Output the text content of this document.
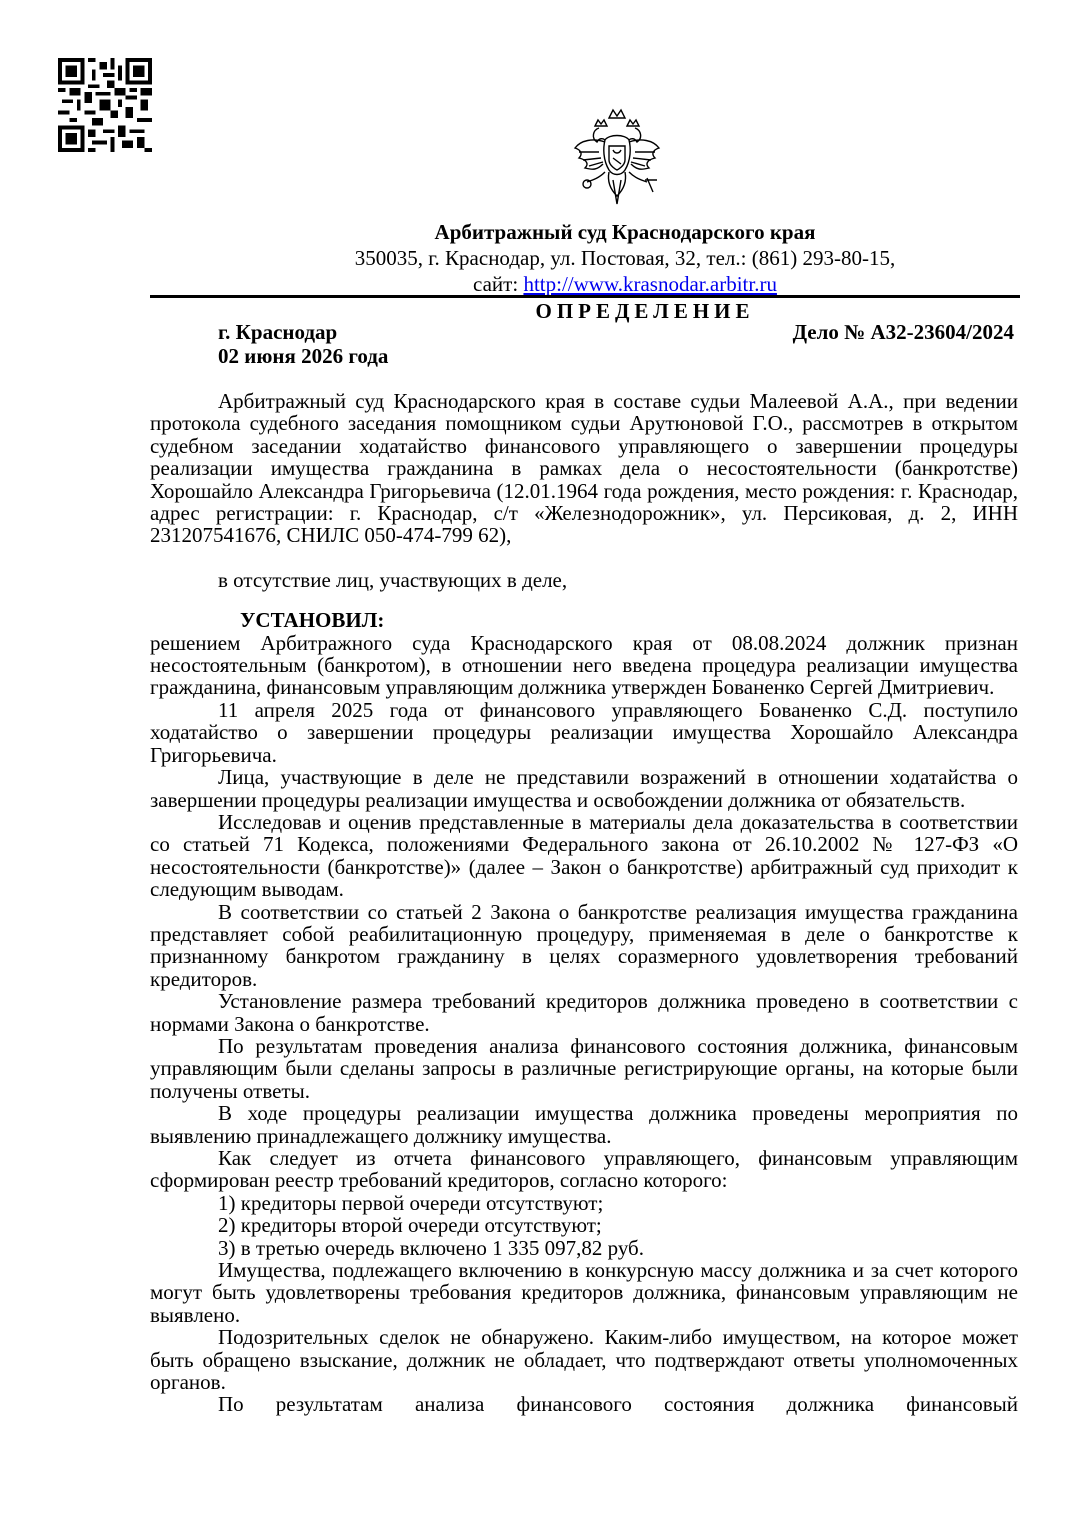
Арбитражный суд Краснодарского края
350035, г. Краснодар, ул. Постовая, 32, тел.: (861) 293-80-15,
сайт: http://www.krasnodar.arbitr.ru
ОПРЕДЕЛЕНИЕ
г. Краснодар
02 июня 2026 года
Дело № А32-23604/2024

Арбитражный суд Краснодарского края в составе судьи Малеевой А.А., при ведении протокола судебного заседания помощником судьи Арутюновой Г.О., рассмотрев в открытом судебном заседании ходатайство финансового управляющего о завершении процедуры реализации имущества гражданина в рамках дела о несостоятельности (банкротстве) Хорошайло Александра Григорьевича (12.01.1964 года рождения, место рождения: г. Краснодар, адрес регистрации: г. Краснодар, с/т «Железнодорожник», ул. Персиковая, д. 2, ИНН 231207541676, СНИЛС 050-474-799 62),

в отсутствие лиц, участвующих в деле,

УСТАНОВИЛ:

решением Арбитражного суда Краснодарского края от 08.08.2024 должник признан несостоятельным (банкротом), в отношении него введена процедура реализации имущества гражданина, финансовым управляющим должника утвержден Бованенко Сергей Дмитриевич.

11 апреля 2025 года от финансового управляющего Бованенко С.Д. поступило ходатайство о завершении процедуры реализации имущества Хорошайло Александра Григорьевича.

Лица, участвующие в деле не представили возражений в отношении ходатайства о завершении процедуры реализации имущества и освобождении должника от обязательств.

Исследовав и оценив представленные в материалы дела доказательства в соответствии со статьей 71 Кодекса, положениями Федерального закона от 26.10.2002 № 127-ФЗ «О несостоятельности (банкротстве)» (далее – Закон о банкротстве) арбитражный суд приходит к следующим выводам.

В соответствии со статьей 2 Закона о банкротстве реализация имущества гражданина представляет собой реабилитационную процедуру, применяемая в деле о банкротстве к признанному банкротом гражданину в целях соразмерного удовлетворения требований кредиторов.

Установление размера требований кредиторов должника проведено в соответствии с нормами Закона о банкротстве.

По результатам проведения анализа финансового состояния должника, финансовым управляющим были сделаны запросы в различные регистрирующие органы, на которые были получены ответы.

В ходе процедуры реализации имущества должника проведены мероприятия по выявлению принадлежащего должнику имущества.

Как следует из отчета финансового управляющего, финансовым управляющим сформирован реестр требований кредиторов, согласно которого:

1) кредиторы первой очереди отсутствуют;

2) кредиторы второй очереди отсутствуют;

3) в третью очередь включено 1 335 097,82 руб.

Имущества, подлежащего включению в конкурсную массу должника и за счет которого могут быть удовлетворены требования кредиторов должника, финансовым управляющим не выявлено.

Подозрительных сделок не обнаружено. Каким-либо имуществом, на которое может быть обращено взыскание, должник не обладает, что подтверждают ответы уполномоченных органов.

По результатам анализа финансового состояния должника финансовый
